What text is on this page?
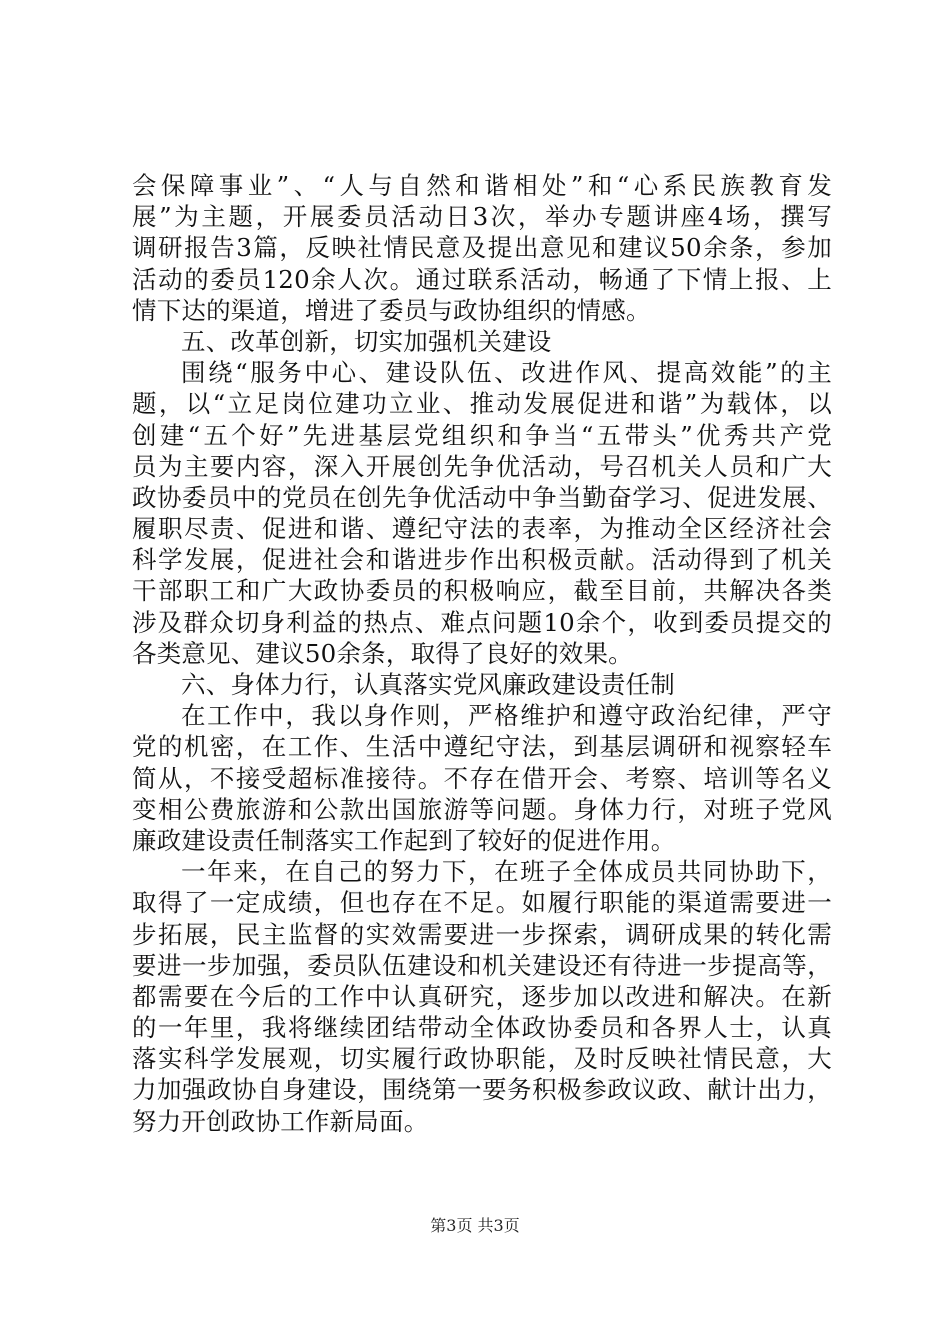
会保障事业”、“人与自然和谐相处”和“心系民族教育发
展”为主题，开展委员活动日3次，举办专题讲座4场，撰写
调研报告3篇，反映社情民意及提出意见和建议50余条，参加
活动的委员120余人次。通过联系活动，畅通了下情上报、上
情下达的渠道，增进了委员与政协组织的情感。
五、改革创新，切实加强机关建设
围绕“服务中心、建设队伍、改进作风、提高效能”的主
题，以“立足岗位建功立业、推动发展促进和谐”为载体，以
创建“五个好”先进基层党组织和争当“五带头”优秀共产党
员为主要内容，深入开展创先争优活动，号召机关人员和广大
政协委员中的党员在创先争优活动中争当勤奋学习、促进发展、
履职尽责、促进和谐、遵纪守法的表率，为推动全区经济社会
科学发展，促进社会和谐进步作出积极贡献。活动得到了机关
干部职工和广大政协委员的积极响应，截至目前，共解决各类
涉及群众切身利益的热点、难点问题10余个，收到委员提交的
各类意见、建议50余条，取得了良好的效果。
六、身体力行，认真落实党风廉政建设责任制
在工作中，我以身作则，严格维护和遵守政治纪律，严守
党的机密，在工作、生活中遵纪守法，到基层调研和视察轻车
简从，不接受超标准接待。不存在借开会、考察、培训等名义
变相公费旅游和公款出国旅游等问题。身体力行，对班子党风
廉政建设责任制落实工作起到了较好的促进作用。
一年来，在自己的努力下，在班子全体成员共同协助下，
取得了一定成绩，但也存在不足。如履行职能的渠道需要进一
步拓展，民主监督的实效需要进一步探索，调研成果的转化需
要进一步加强，委员队伍建设和机关建设还有待进一步提高等，
都需要在今后的工作中认真研究，逐步加以改进和解决。在新
的一年里，我将继续团结带动全体政协委员和各界人士，认真
落实科学发展观，切实履行政协职能，及时反映社情民意，大
力加强政协自身建设，围绕第一要务积极参政议政、献计出力，
努力开创政协工作新局面。
第3页 共3页
